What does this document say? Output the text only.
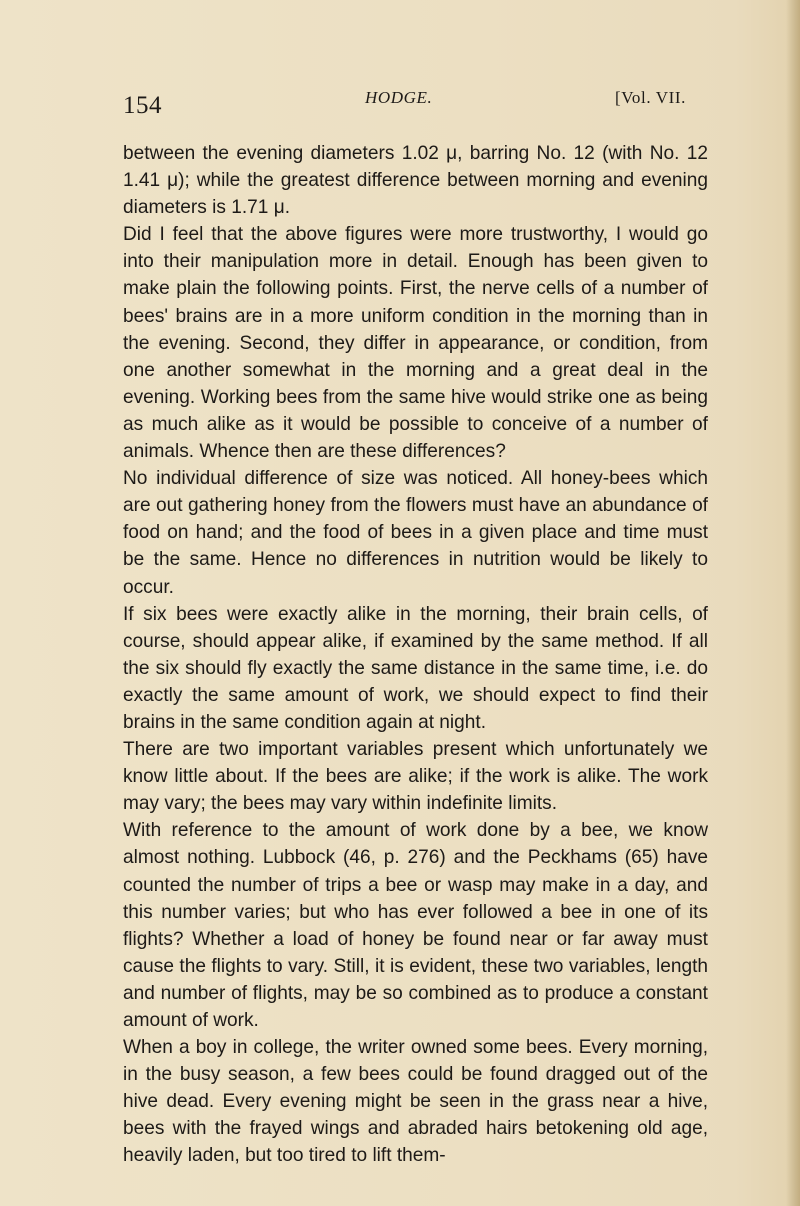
154	HODGE.	[Vol. VII.

between the evening diameters 1.02 μ, barring No. 12 (with No. 12 1.41 μ); while the greatest difference between morning and evening diameters is 1.71 μ.

Did I feel that the above figures were more trustworthy, I would go into their manipulation more in detail. Enough has been given to make plain the following points. First, the nerve cells of a number of bees' brains are in a more uniform condition in the morning than in the evening. Second, they differ in appearance, or condition, from one another somewhat in the morning and a great deal in the evening. Working bees from the same hive would strike one as being as much alike as it would be possible to conceive of a number of animals. Whence then are these differences?

No individual difference of size was noticed. All honey-bees which are out gathering honey from the flowers must have an abundance of food on hand; and the food of bees in a given place and time must be the same. Hence no differences in nutrition would be likely to occur.

If six bees were exactly alike in the morning, their brain cells, of course, should appear alike, if examined by the same method. If all the six should fly exactly the same distance in the same time, i.e. do exactly the same amount of work, we should expect to find their brains in the same condition again at night.

There are two important variables present which unfortunately we know little about. If the bees are alike; if the work is alike. The work may vary; the bees may vary within indefinite limits.

With reference to the amount of work done by a bee, we know almost nothing. Lubbock (46, p. 276) and the Peckhams (65) have counted the number of trips a bee or wasp may make in a day, and this number varies; but who has ever followed a bee in one of its flights? Whether a load of honey be found near or far away must cause the flights to vary. Still, it is evident, these two variables, length and number of flights, may be so combined as to produce a constant amount of work.

When a boy in college, the writer owned some bees. Every morning, in the busy season, a few bees could be found dragged out of the hive dead. Every evening might be seen in the grass near a hive, bees with the frayed wings and abraded hairs betokening old age, heavily laden, but too tired to lift them-
